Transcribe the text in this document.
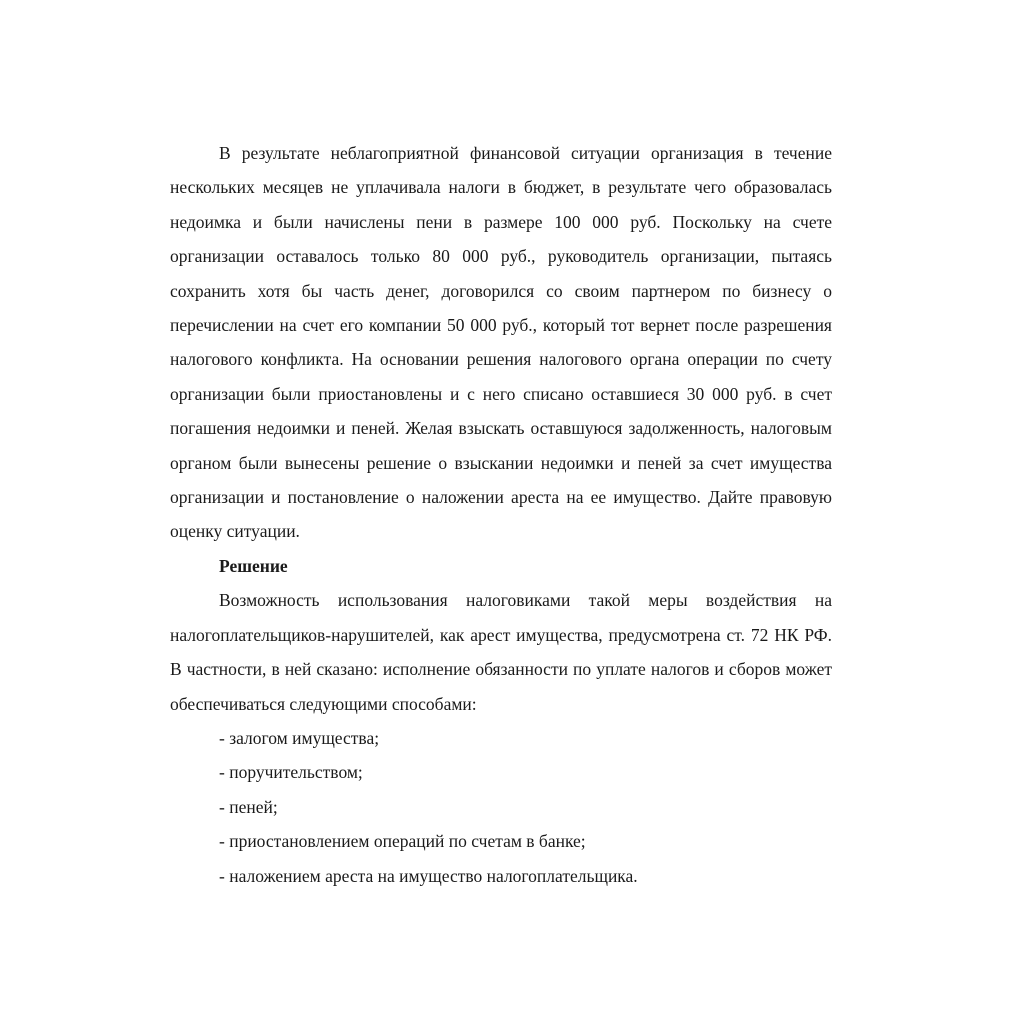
В результате неблагоприятной финансовой ситуации организация в течение нескольких месяцев не уплачивала налоги в бюджет, в результате чего образовалась недоимка и были начислены пени в размере 100 000 руб. Поскольку на счете организации оставалось только 80 000 руб., руководитель организации, пытаясь сохранить хотя бы часть денег, договорился со своим партнером по бизнесу о перечислении на счет его компании 50 000 руб., который тот вернет после разрешения налогового конфликта. На основании решения налогового органа операции по счету организации были приостановлены и с него списано оставшиеся 30 000 руб. в счет погашения недоимки и пеней. Желая взыскать оставшуюся задолженность, налоговым органом были вынесены решение о взыскании недоимки и пеней за счет имущества организации и постановление о наложении ареста на ее имущество. Дайте правовую оценку ситуации.

Решение

Возможность использования налоговиками такой меры воздействия на налогоплательщиков-нарушителей, как арест имущества, предусмотрена ст. 72 НК РФ. В частности, в ней сказано: исполнение обязанности по уплате налогов и сборов может обеспечиваться следующими способами:

- залогом имущества;
- поручительством;
- пеней;
- приостановлением операций по счетам в банке;
- наложением ареста на имущество налогоплательщика.
